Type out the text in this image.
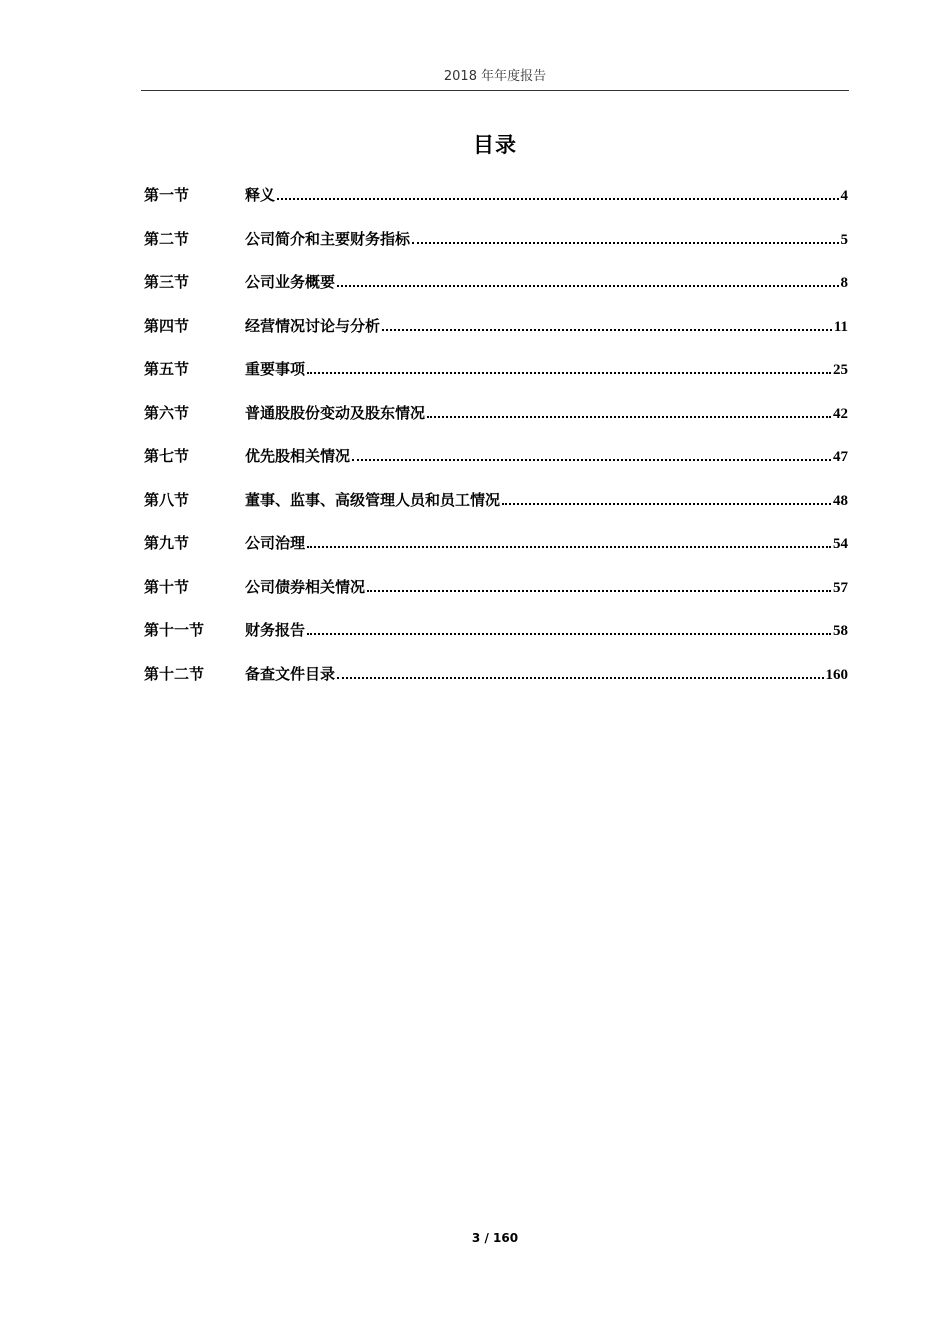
2018 年年度报告
目录
第一节	释义	4
第二节	公司简介和主要财务指标	5
第三节	公司业务概要	8
第四节	经营情况讨论与分析	11
第五节	重要事项	25
第六节	普通股股份变动及股东情况	42
第七节	优先股相关情况	47
第八节	董事、监事、高级管理人员和员工情况	48
第九节	公司治理	54
第十节	公司债券相关情况	57
第十一节	财务报告	58
第十二节	备查文件目录	160
3 / 160
